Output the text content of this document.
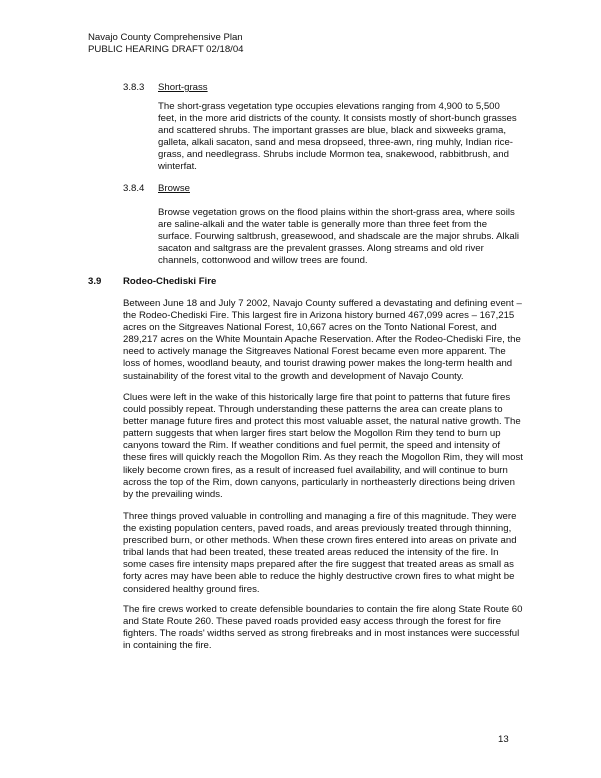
Navajo County Comprehensive Plan
PUBLIC HEARING DRAFT 02/18/04
3.8.3 Short-grass

The short-grass vegetation type occupies elevations ranging from 4,900 to 5,500 feet, in the more arid districts of the county. It consists mostly of short-bunch grasses and scattered shrubs. The important grasses are blue, black and sixweeks grama, galleta, alkali sacaton, sand and mesa dropseed, three-awn, ring muhly, Indian rice-grass, and needlegrass. Shrubs include Mormon tea, snakewood, rabbitbrush, and winterfat.

3.8.4 Browse

Browse vegetation grows on the flood plains within the short-grass area, where soils are saline-alkali and the water table is generally more than three feet from the surface. Fourwing saltbrush, greasewood, and shadscale are the major shrubs. Alkali sacaton and saltgrass are the prevalent grasses. Along streams and old river channels, cottonwood and willow trees are found.

3.9 Rodeo-Chediski Fire

Between June 18 and July 7 2002, Navajo County suffered a devastating and defining event – the Rodeo-Chediski Fire. This largest fire in Arizona history burned 467,099 acres – 167,215 acres on the Sitgreaves National Forest, 10,667 acres on the Tonto National Forest, and 289,217 acres on the White Mountain Apache Reservation. After the Rodeo-Chediski Fire, the need to actively manage the Sitgreaves National Forest became even more apparent. The loss of homes, woodland beauty, and tourist drawing power makes the long-term health and sustainability of the forest vital to the growth and development of Navajo County.

Clues were left in the wake of this historically large fire that point to patterns that future fires could possibly repeat. Through understanding these patterns the area can create plans to better manage future fires and protect this most valuable asset, the natural native growth. The pattern suggests that when larger fires start below the Mogollon Rim they tend to burn up canyons toward the Rim. If weather conditions and fuel permit, the speed and intensity of these fires will quickly reach the Mogollon Rim. As they reach the Mogollon Rim, they will most likely become crown fires, as a result of increased fuel availability, and will continue to burn across the top of the Rim, down canyons, particularly in northeasterly directions being driven by the prevailing winds.

Three things proved valuable in controlling and managing a fire of this magnitude. They were the existing population centers, paved roads, and areas previously treated through thinning, prescribed burn, or other methods. When these crown fires entered into areas on private and tribal lands that had been treated, these treated areas reduced the intensity of the fire. In some cases fire intensity maps prepared after the fire suggest that treated areas as small as forty acres may have been able to reduce the highly destructive crown fires to what might be considered healthy ground fires.

The fire crews worked to create defensible boundaries to contain the fire along State Route 60 and State Route 260. These paved roads provided easy access through the forest for fire fighters. The roads' widths served as strong firebreaks and in most instances were successful in containing the fire.

13
